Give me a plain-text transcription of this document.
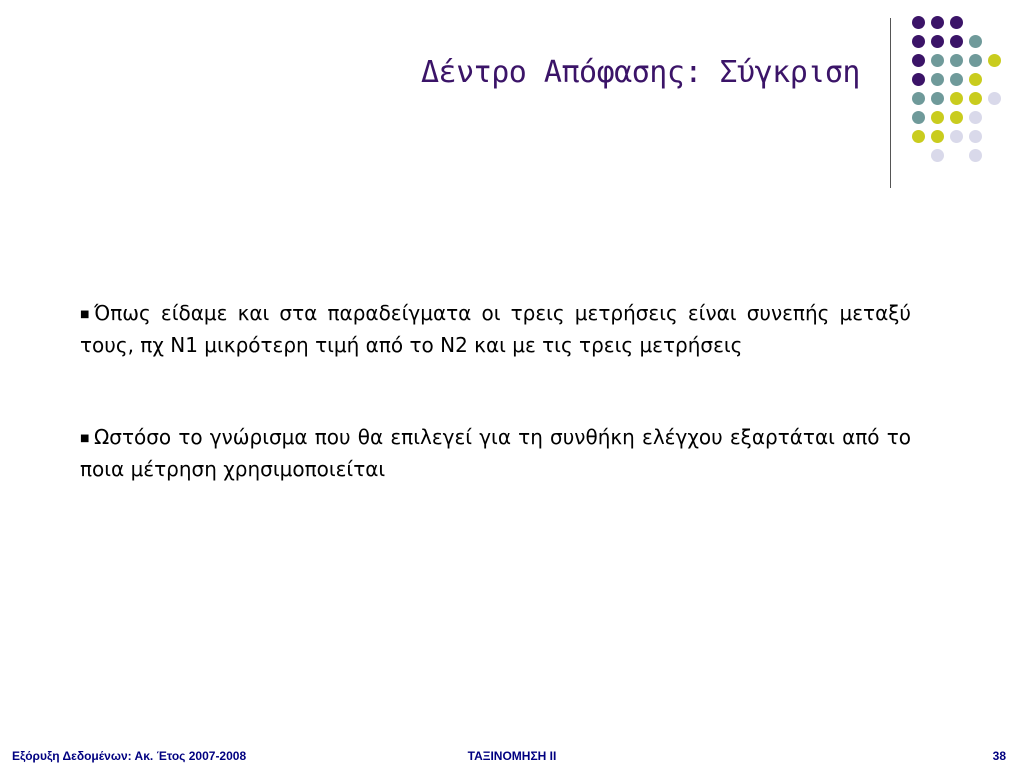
Δέντρο Απόφασης: Σύγκριση
■ Όπως είδαμε και στα παραδείγματα οι τρεις μετρήσεις είναι συνεπής μεταξύ τους, πχ Ν1 μικρότερη τιμή από το Ν2 και με τις τρεις μετρήσεις
■ Ωστόσο το γνώρισμα που θα επιλεγεί για τη συνθήκη ελέγχου εξαρτάται από το ποια μέτρηση χρησιμοποιείται
Εξόρυξη Δεδομένων: Ακ. Έτος 2007-2008	ΤΑΞΙΝΟΜΗΣΗ ΙΙ	38
